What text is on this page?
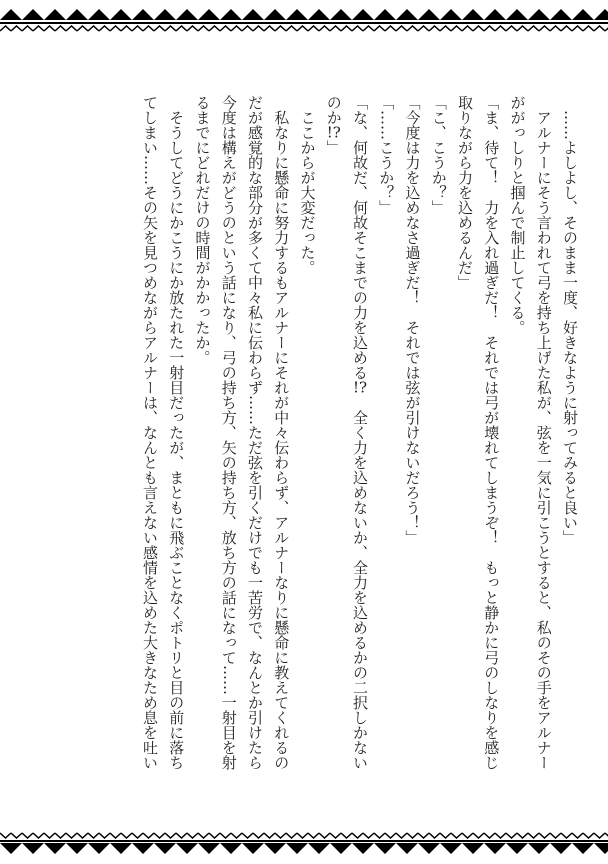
　……よしよし、そのまま一度、好きなように射ってみると良い」
　アルナーにそう言われて弓を持ち上げた私が、弦を一気に引こうとすると、私のその手をアルナー
ががっしりと掴んで制止してくる。
「ま、待て！　力を入れ過ぎだ！　それでは弓が壊れてしまうぞ！　もっと静かに弓のしなりを感じ
取りながら力を込めるんだ」
「こ、こうか？」
「今度は力を込めなさ過ぎだ！　それでは弦が引けないだろう！」
「……こうか？」
「な、何故だ、何故そこまでの力を込める!?　全く力を込めないか、全力を込めるかの二択しかない
のか!?」
　ここからが大変だった。
　私なりに懸命に努力するもアルナーにそれが中々伝わらず、アルナーなりに懸命に教えてくれるの
だが感覚的な部分が多くて中々私に伝わらず……ただ弦を引くだけでも一苦労で、なんとか引けたら
今度は構えがどうのという話になり、弓の持ち方、矢の持ち方、放ち方の話になって……一射目を射
るまでにどれだけの時間がかかったか。
　そうしてどうにかこうにか放たれた一射目だったが、まともに飛ぶことなくポトリと目の前に落ち
てしまい……その矢を見つめながらアルナーは、なんとも言えない感情を込めた大きなため息を吐い
